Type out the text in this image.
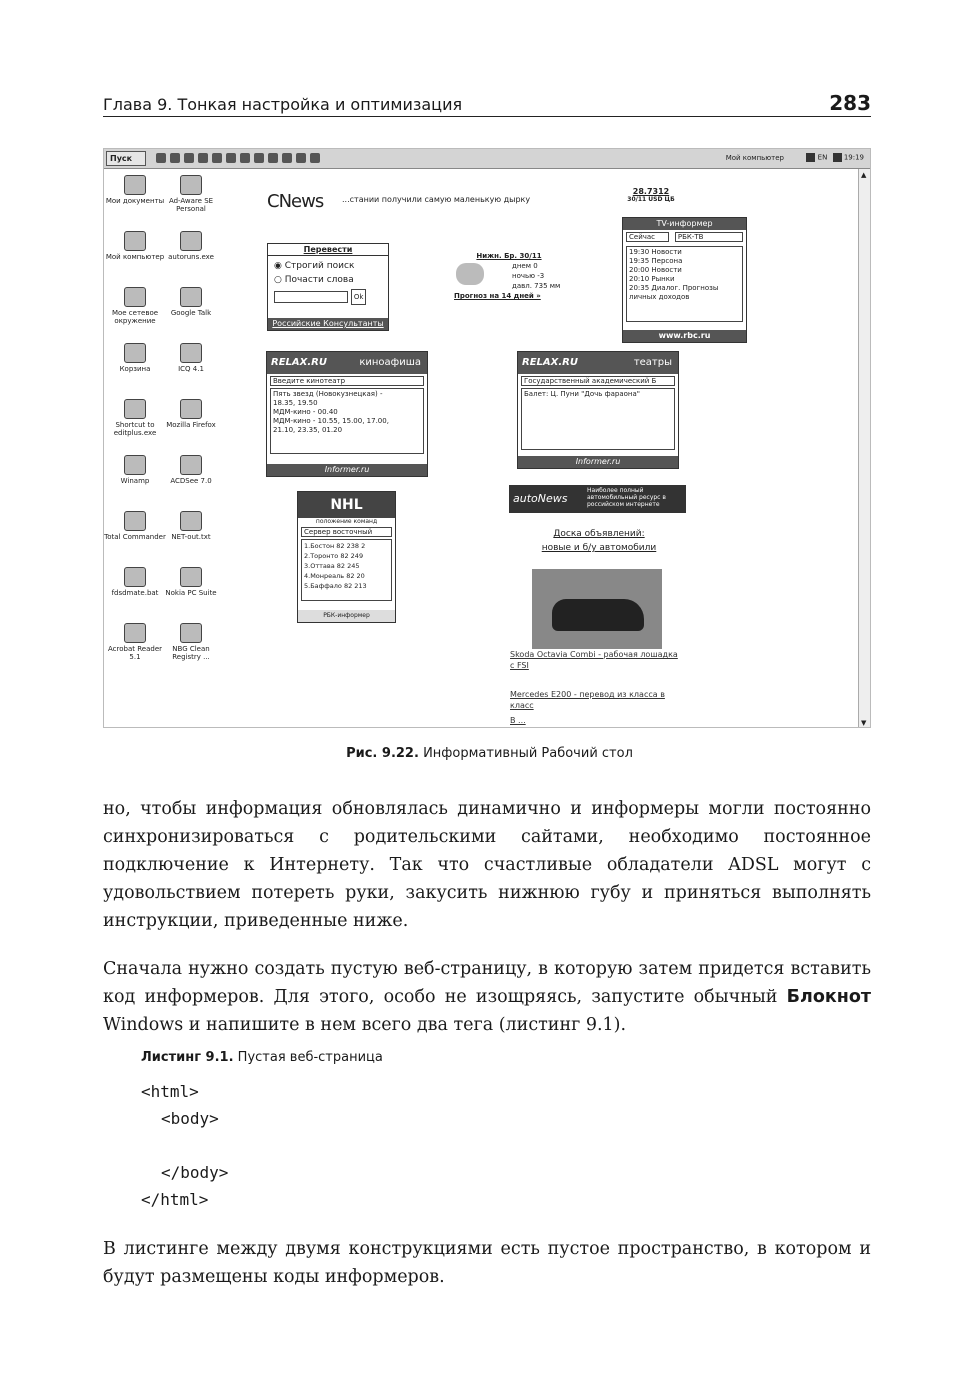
Глава 9. Тонкая настройка и оптимизация	283
Пуск	Мой компьютер	EN 19:19
▲
▼
Мои документы Ad-Aware SE Personal
Мой компьютер autoruns.exe
Мое сетевое окружение
Google Talk
Корзина	ICQ 4.1
Shortcut to editplus.exe
Mozilla Firefox
Winamp	ACDSee 7.0
Total Commander NET-out.txt
fdsdmate.bat Nokia PC Suite
Acrobat Reader 5.1
NBG Clean Registry ...
CNews ...стании получили самую маленькую дырку
Перевести
◉ Строгий поиск
○ Почасти слова
Ok
Российские Консультанты
Нижн. Бр. 30/11
днем 0
ночью -3
давл. 735 мм
Прогноз на 14 дней »
28.7312
30/11 USD ЦБ
TV-информер
Сейчас	РБК-ТВ
19:30 Новости
19:35 Персона
20:00 Новости
20:10 Рынки
20:35 Диалог. Прогнозы
личных доходов
www.rbc.ru
RELAX.RU	киноафиша
Введите кинотеатр
Пять звезд (Новокузнецкая) -
18.35, 19.50
МДМ-кино - 00.40
МДМ-кино - 10.55, 15.00, 17.00,
21.10, 23.35, 01.20
Informer.ru
RELAX.RU	театры
Государственный академический Б
Балет: Ц. Пуни "Дочь фараона"
Informer.ru
NHL
положение команд
Сервер восточный
1.Бостон 82 238 2
2.Торонто 82 249
3.Оттава 82 245
4.Монреаль 82 20
5.Баффало 82 213
РБК-информер
autoNews
Наиболее полный автомобильный ресурс в российском интернете
Доска объявлений:
новые и б/у автомобили
Skoda Octavia Combi - рабочая лошадка с FSI
Mercedes E200 - перевод из класса в класс
В ...
Рис. 9.22. Информативный Рабочий стол
но, чтобы информация обновлялась динамично и информеры могли постоянно синхронизироваться с родительскими сайтами, необходимо постоянное подключение к Интернету. Так что счастливые обладатели ADSL могут с удовольствием потереть руки, закусить нижнюю губу и приняться выполнять инструкции, приведенные ниже.
Сначала нужно создать пустую веб-страницу, в которую затем придется вставить код информеров. Для этого, особо не изощряясь, запустите обычный Блокнот Windows и напишите в нем всего два тега (листинг 9.1).
Листинг 9.1. Пустая веб-страница
<html>
<body>
</body>
</html>
В листинге между двумя конструкциями есть пустое пространство, в котором и будут размещены коды информеров.
